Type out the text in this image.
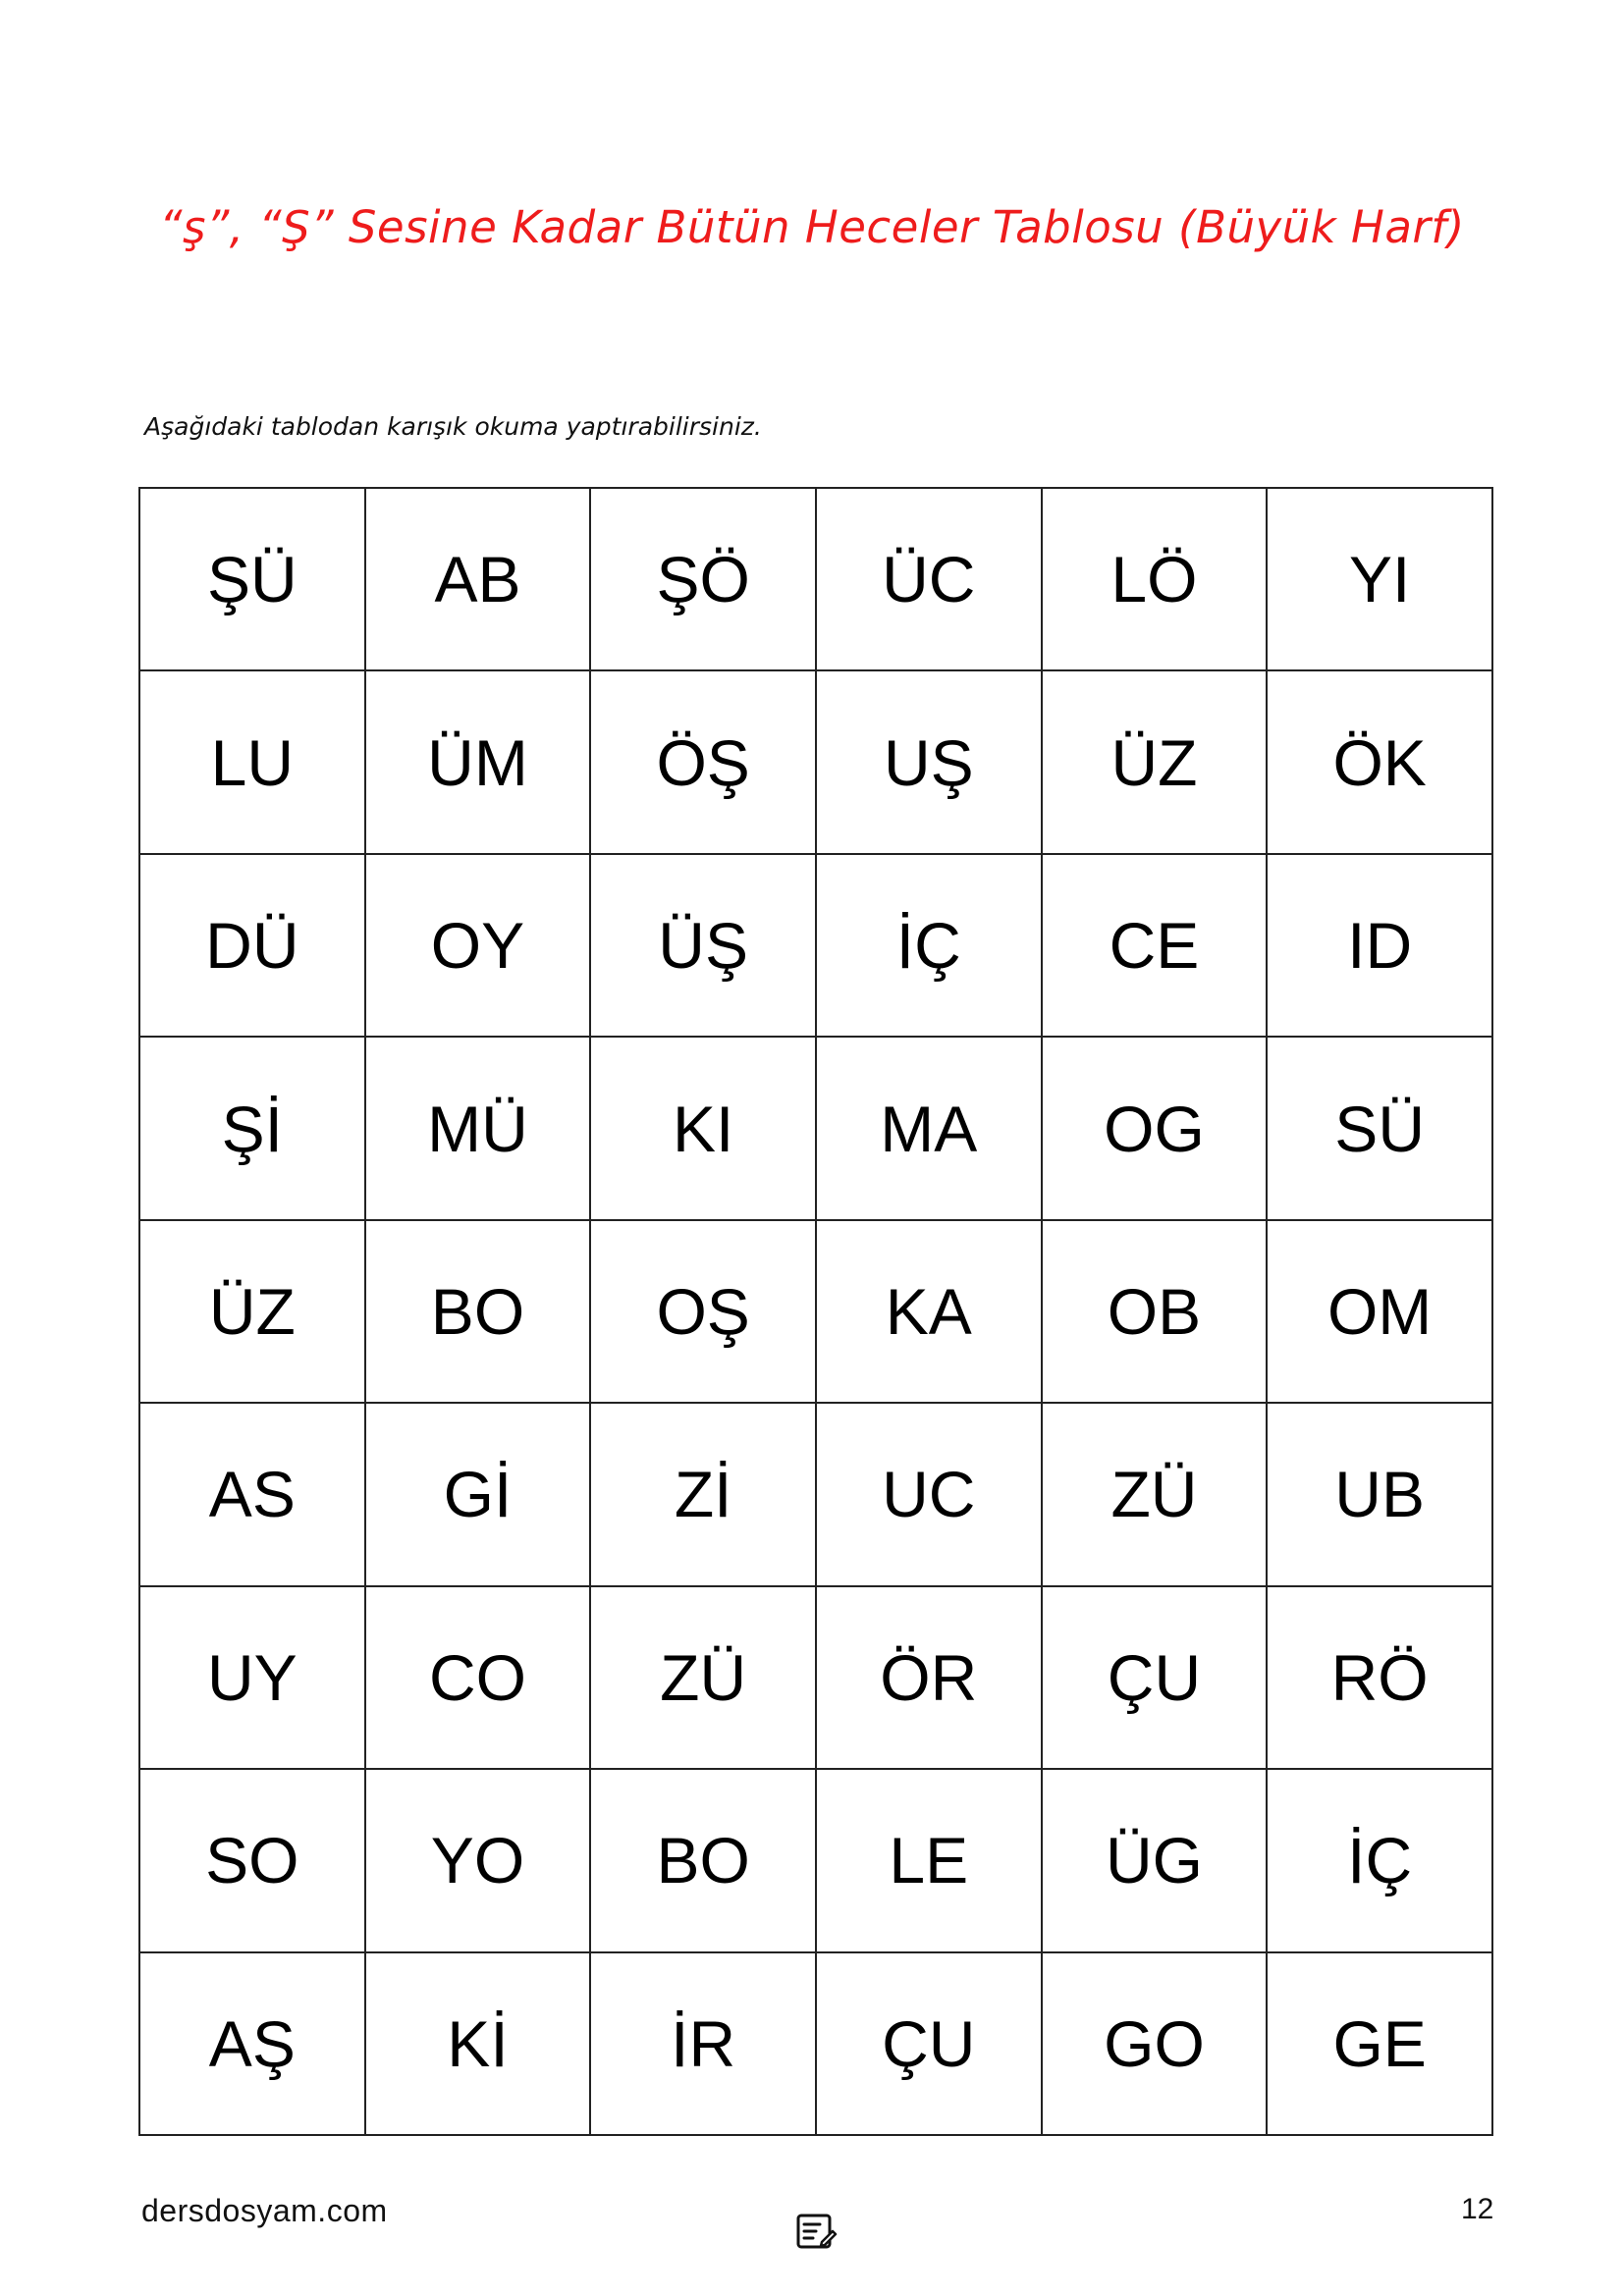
“ş”, “Ş” Sesine Kadar Bütün Heceler Tablosu (Büyük Harf)
Aşağıdaki tablodan karışık okuma yaptırabilirsiniz.
ŞÜ	AB	ŞÖ	ÜC	LÖ	YI
LU	ÜM	ÖŞ	UŞ	ÜZ	ÖK
DÜ	OY	ÜŞ	İÇ	CE	ID
Şİ	MÜ	KI	MA	OG	SÜ
ÜZ	BO	OŞ	KA	OB	OM
AS	Gİ	Zİ	UC	ZÜ	UB
UY	CO	ZÜ	ÖR	ÇU	RÖ
SO	YO	BO	LE	ÜG	İÇ
AŞ	Kİ	İR	ÇU	GO	GE
dersdosyam.com	12
